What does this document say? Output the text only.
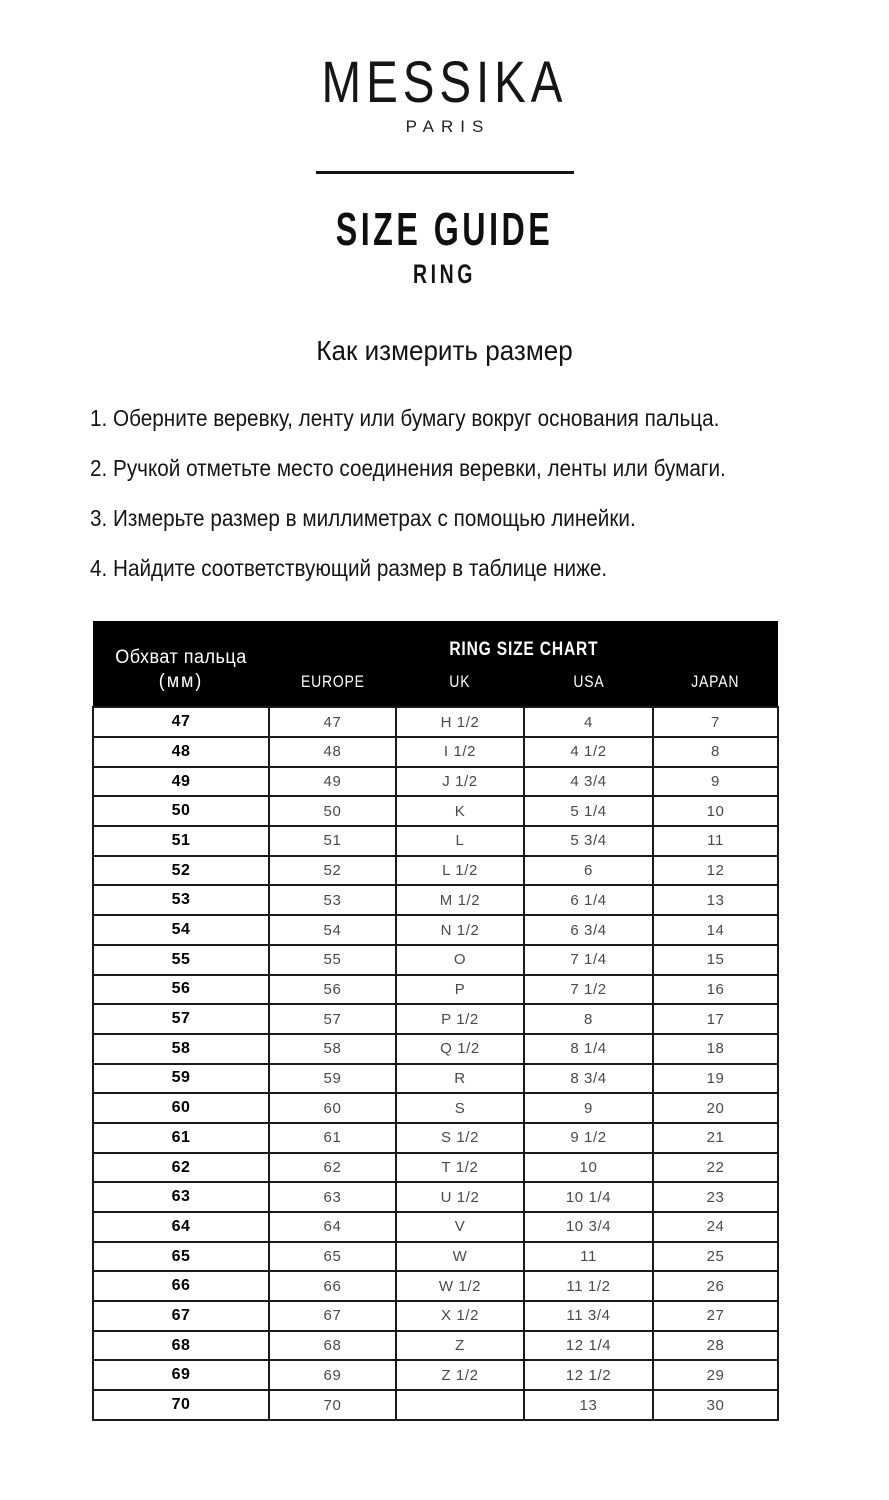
MESSIKA
PARIS
SIZE GUIDE
RING
Как измерить размер
1. Оберните веревку, ленту или бумагу вокруг основания пальца.
2. Ручкой отметьте место соединения веревки, ленты или бумаги.
3. Измерьте размер в миллиметрах с помощью линейки.
4. Найдите соответствующий размер в таблице ниже.
Обхват пальца
(мм)	RING SIZE CHART			
	EUROPE	UK	USA	JAPAN
47	47	H 1/2	4	7
48	48	I 1/2	4 1/2	8
49	49	J 1/2	4 3/4	9
50	50	K	5 1/4	10
51	51	L	5 3/4	11
52	52	L 1/2	6	12
53	53	M 1/2	6 1/4	13
54	54	N 1/2	6 3/4	14
55	55	O	7 1/4	15
56	56	P	7 1/2	16
57	57	P 1/2	8	17
58	58	Q 1/2	8 1/4	18
59	59	R	8 3/4	19
60	60	S	9	20
61	61	S 1/2	9 1/2	21
62	62	T 1/2	10	22
63	63	U 1/2	10 1/4	23
64	64	V	10 3/4	24
65	65	W	11	25
66	66	W 1/2	11 1/2	26
67	67	X 1/2	11 3/4	27
68	68	Z	12 1/4	28
69	69	Z 1/2	12 1/2	29
70	70		13	30
